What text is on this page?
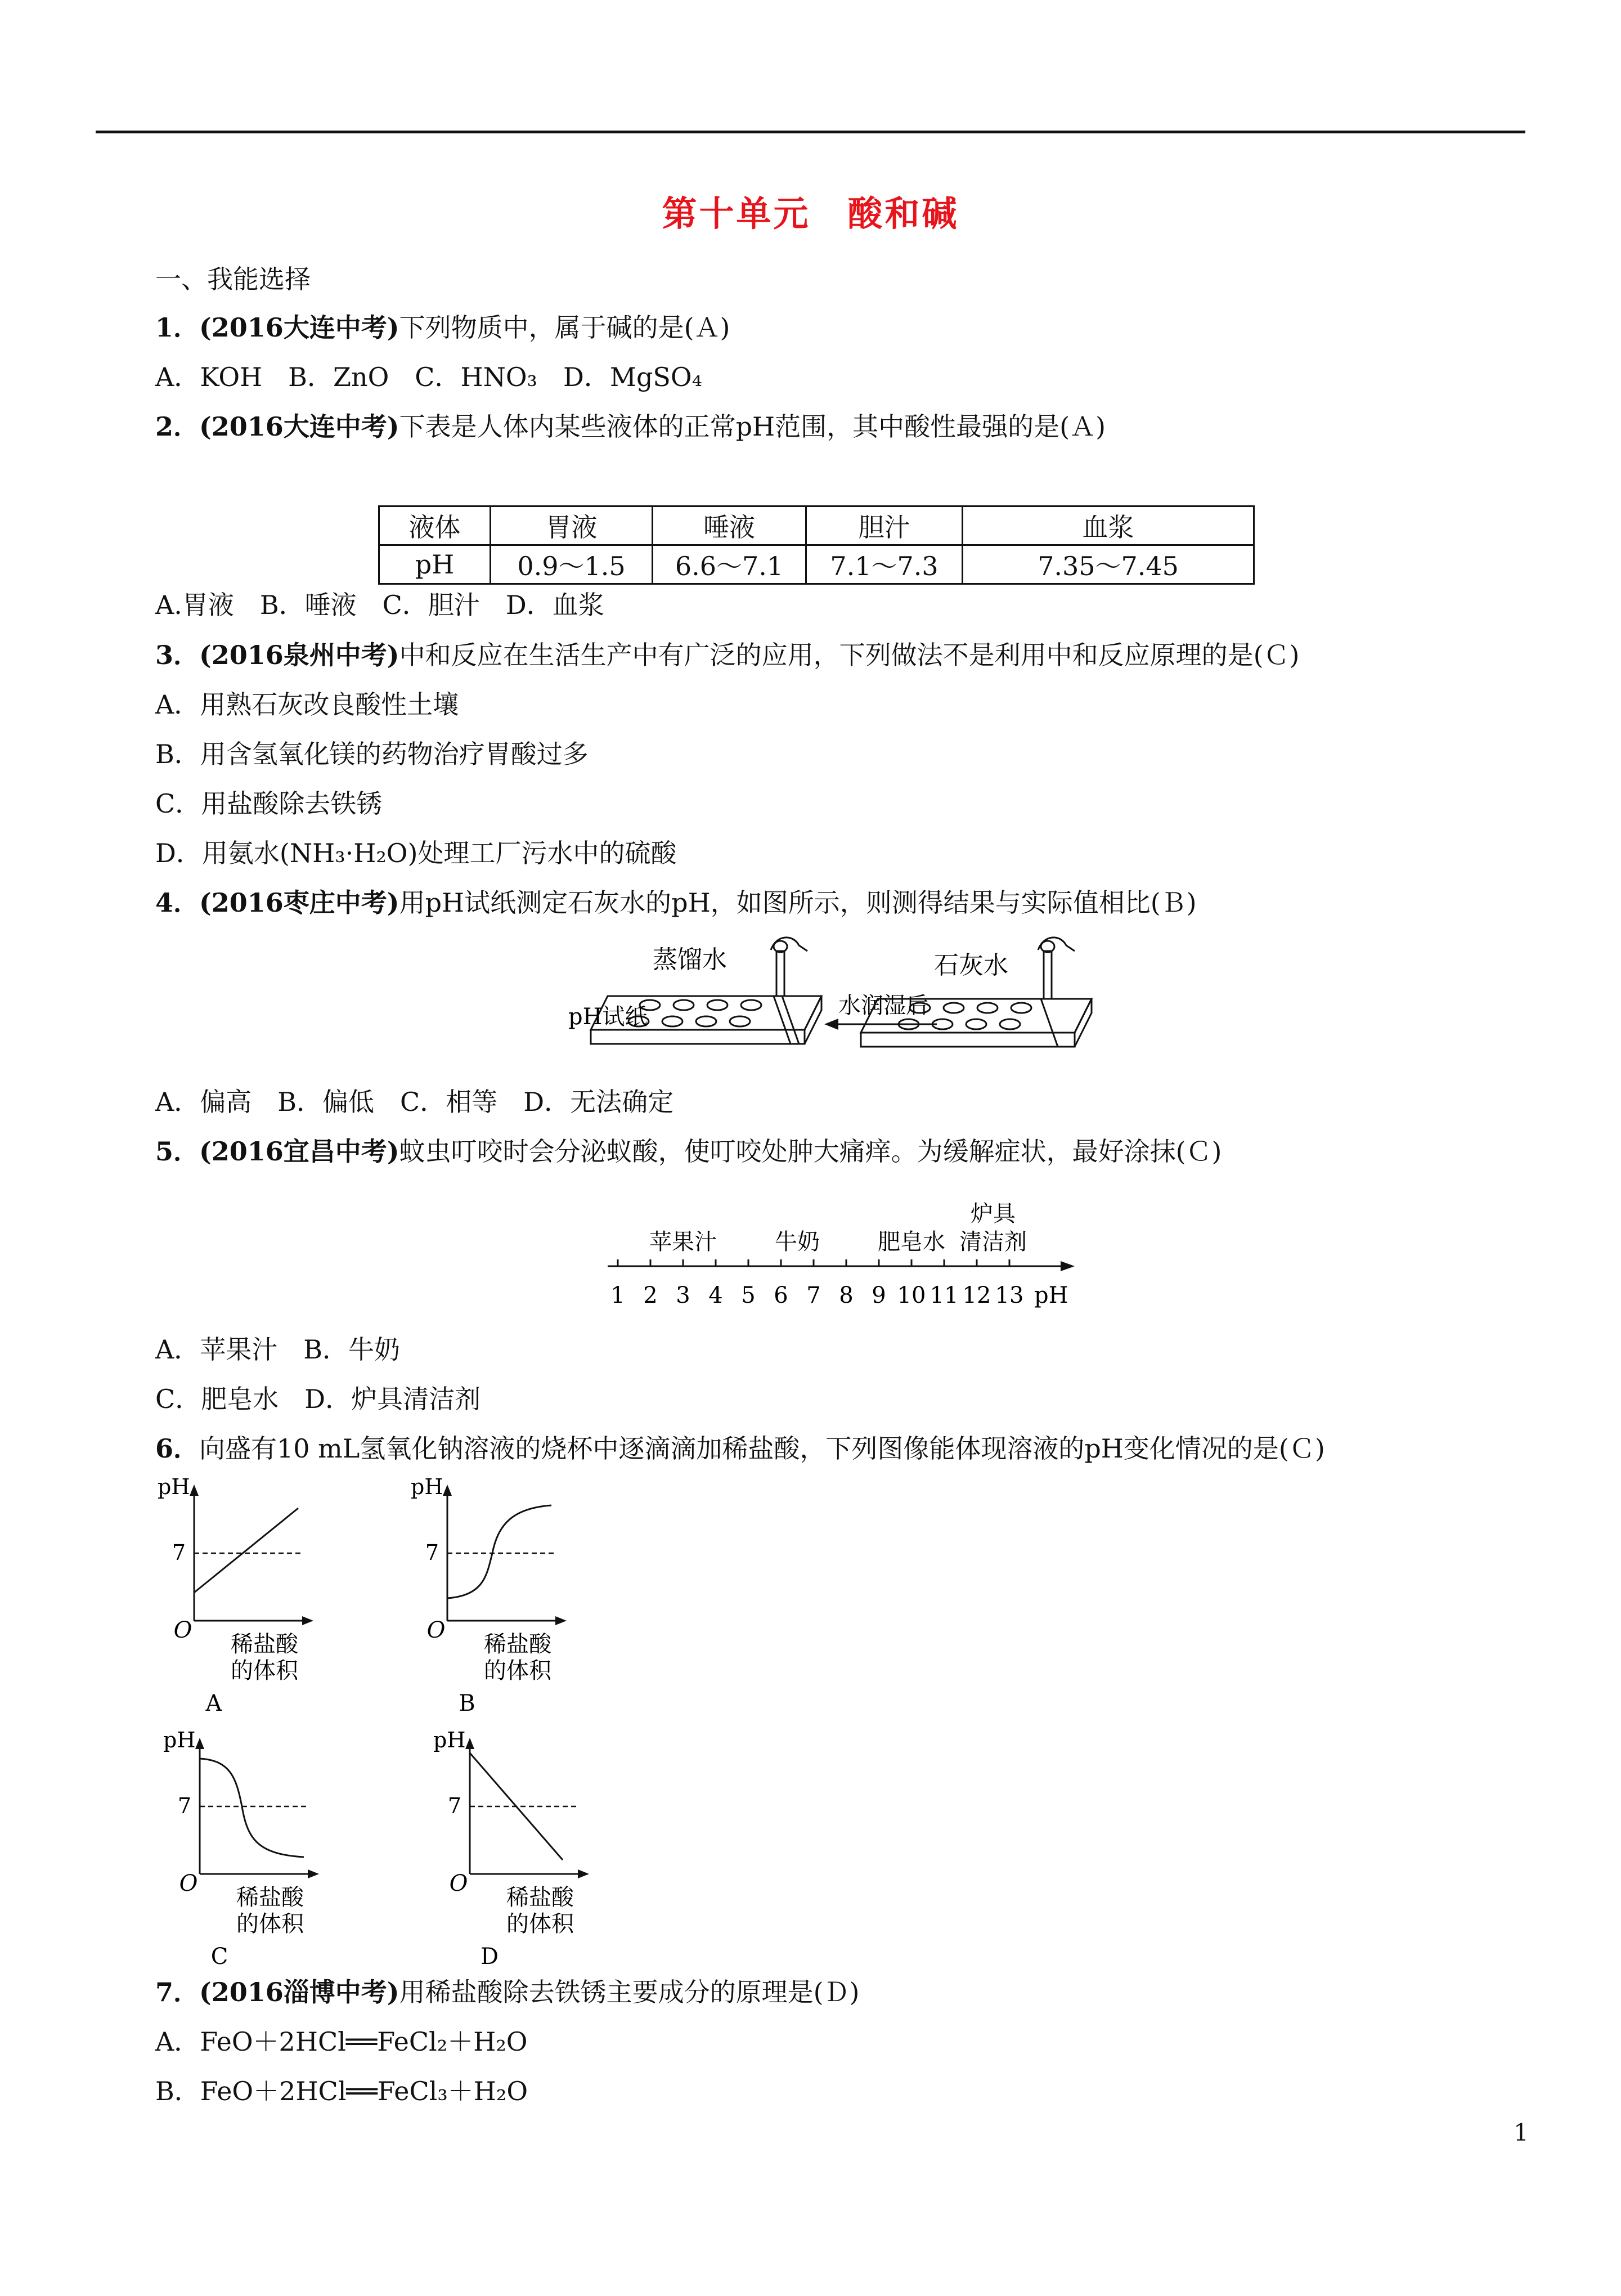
第十单元　酸和碱
一、我能选择
1．(2016大连中考)下列物质中，属于碱的是(Ａ)
A．KOH　B．ZnO　C．HNO₃　D．MgSO₄
2．(2016大连中考)下表是人体内某些液体的正常pH范围，其中酸性最强的是(Ａ)
液体	胃液	唾液	胆汁	血浆
pH	0.9～1.5	6.6～7.1	7.1～7.3	7.35～7.45
A.胃液　B．唾液　C．胆汁　D．血浆
3．(2016泉州中考)中和反应在生活生产中有广泛的应用，下列做法不是利用中和反应原理的是(Ｃ)
A．用熟石灰改良酸性土壤
B．用含氢氧化镁的药物治疗胃酸过多
C．用盐酸除去铁锈
D．用氨水(NH₃·H₂O)处理工厂污水中的硫酸
4．(2016枣庄中考)用pH试纸测定石灰水的pH，如图所示，则测得结果与实际值相比(Ｂ)
蒸馏水
pH试纸	水润湿后
石灰水
A．偏高　B．偏低　C．相等　D．无法确定
5．(2016宜昌中考)蚊虫叮咬时会分泌蚁酸，使叮咬处肿大痛痒。为缓解症状，最好涂抹(Ｃ)
1 2 3 4 5 6 7 8 9 10 11 12 13
苹果汁	牛奶	肥皂水
炉具
清洁剂
pH
A．苹果汁　B．牛奶
C．肥皂水　D．炉具清洁剂
6．向盛有10 mL氢氧化钠溶液的烧杯中逐滴滴加稀盐酸，下列图像能体现溶液的pH变化情况的是(Ｃ)
pH
7
O
稀盐酸
的体积
A
pH
7
O
稀盐酸
的体积
B
pH
7
O
稀盐酸
的体积
C
pH
7
O
稀盐酸
的体积
D
7．(2016淄博中考)用稀盐酸除去铁锈主要成分的原理是(Ｄ)
A．FeO＋2HCl══FeCl₂＋H₂O
B．FeO＋2HCl══FeCl₃＋H₂O
1
